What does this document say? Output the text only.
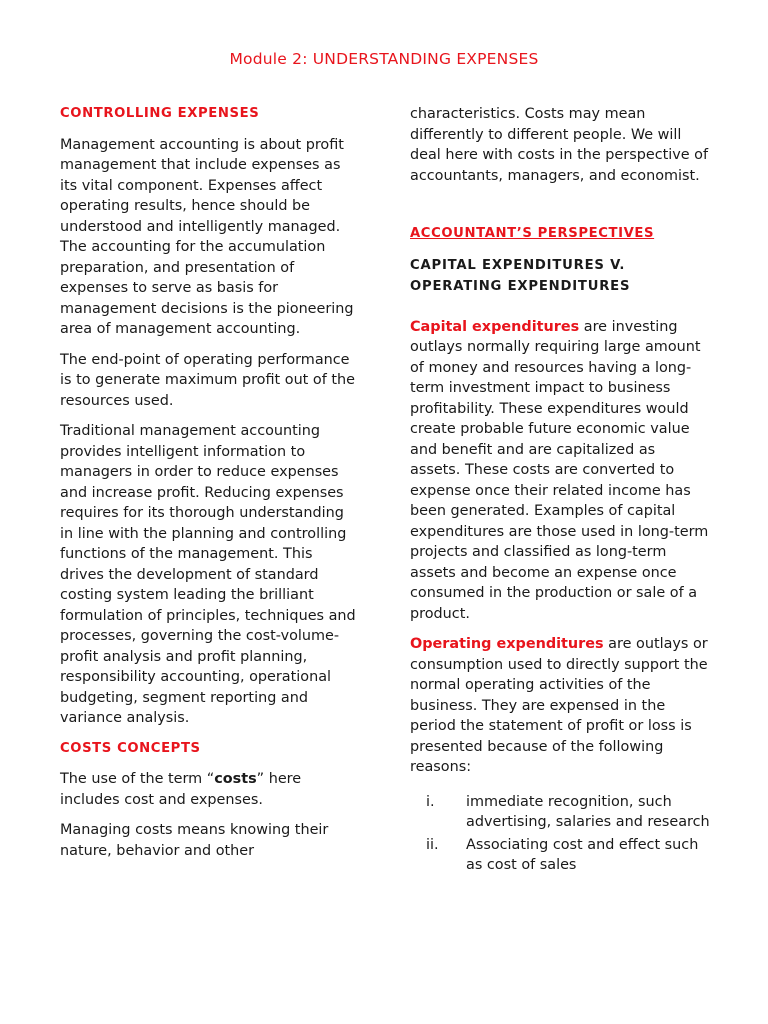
Module 2: UNDERSTANDING EXPENSES
CONTROLLING EXPENSES

Management accounting is about profit management that include expenses as its vital component. Expenses affect operating results, hence should be understood and intelligently managed. The accounting for the accumulation preparation, and presentation of expenses to serve as basis for management decisions is the pioneering area of management accounting.

The end-point of operating performance is to generate maximum profit out of the resources used.

Traditional management accounting provides intelligent information to managers in order to reduce expenses and increase profit. Reducing expenses requires for its thorough understanding in line with the planning and controlling functions of the management. This drives the development of standard costing system leading the brilliant formulation of principles, techniques and processes, governing the cost-volume-profit analysis and profit planning, responsibility accounting, operational budgeting, segment reporting and variance analysis.

COSTS CONCEPTS

The use of the term “costs” here includes cost and expenses.

Managing costs means knowing their nature, behavior and other

characteristics. Costs may mean differently to different people. We will deal here with costs in the perspective of accountants, managers, and economist.

ACCOUNTANT’S PERSPECTIVES
CAPITAL EXPENDITURES V. OPERATING EXPENDITURES

Capital expenditures are investing outlays normally requiring large amount of money and resources having a long-term investment impact to business profitability. These expenditures would create probable future economic value and benefit and are capitalized as assets. These costs are converted to expense once their related income has been generated. Examples of capital expenditures are those used in long-term projects and classified as long-term assets and become an expense once consumed in the production or sale of a product.

Operating expenditures are outlays or consumption used to directly support the normal operating activities of the business. They are expensed in the period the statement of profit or loss is presented because of the following reasons:

i.	immediate recognition, such advertising, salaries and research
ii.	Associating cost and effect such as cost of sales
